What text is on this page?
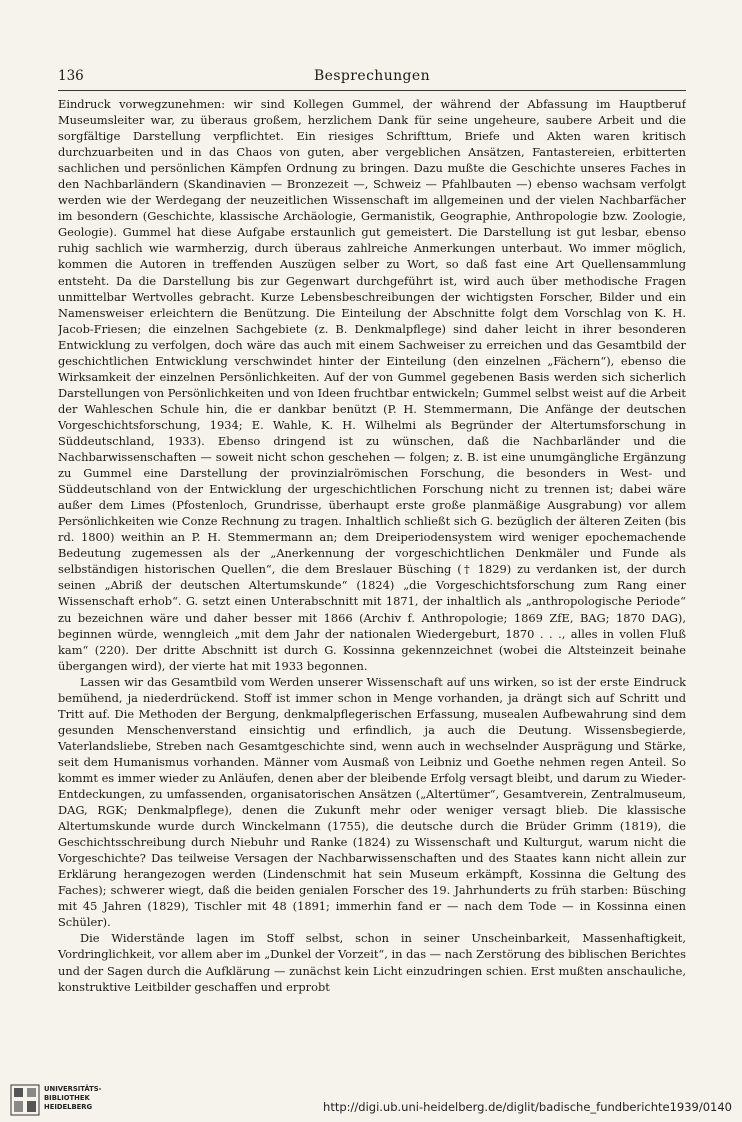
136	Besprechungen

Eindruck vorwegzunehmen: wir sind Kollegen Gummel, der während der Abfassung im Hauptberuf Museumsleiter war, zu überaus großem, herzlichem Dank für seine ungeheure, saubere Arbeit und die sorgfältige Darstellung verpflichtet. Ein riesiges Schrifttum, Briefe und Akten waren kritisch durchzuarbeiten und in das Chaos von guten, aber vergeblichen Ansätzen, Fantastereien, erbitterten sachlichen und persönlichen Kämpfen Ordnung zu bringen. Dazu mußte die Geschichte unseres Faches in den Nachbarländern (Skandinavien — Bronzezeit —, Schweiz — Pfahlbauten —) ebenso wachsam verfolgt werden wie der Werdegang der neuzeitlichen Wissenschaft im allgemeinen und der vielen Nachbarfächer im besondern (Geschichte, klassische Archäologie, Germanistik, Geographie, Anthropologie bzw. Zoologie, Geologie). Gummel hat diese Aufgabe erstaunlich gut gemeistert. Die Darstellung ist gut lesbar, ebenso ruhig sachlich wie warmherzig, durch überaus zahlreiche Anmerkungen unterbaut. Wo immer möglich, kommen die Autoren in treffenden Auszügen selber zu Wort, so daß fast eine Art Quellensammlung entsteht. Da die Darstellung bis zur Gegenwart durchgeführt ist, wird auch über methodische Fragen unmittelbar Wertvolles gebracht. Kurze Lebensbeschreibungen der wichtigsten Forscher, Bilder und ein Namensweiser erleichtern die Benützung. Die Einteilung der Abschnitte folgt dem Vorschlag von K. H. Jacob-Friesen; die einzelnen Sachgebiete (z. B. Denkmalpflege) sind daher leicht in ihrer besonderen Entwicklung zu verfolgen, doch wäre das auch mit einem Sachweiser zu erreichen und das Gesamtbild der geschichtlichen Entwicklung verschwindet hinter der Einteilung (den einzelnen „Fächern“), ebenso die Wirksamkeit der einzelnen Persönlichkeiten. Auf der von Gummel gegebenen Basis werden sich sicherlich Darstellungen von Persönlichkeiten und von Ideen fruchtbar entwickeln; Gummel selbst weist auf die Arbeit der Wahleschen Schule hin, die er dankbar benützt (P. H. Stemmermann, Die Anfänge der deutschen Vorgeschichtsforschung, 1934; E. Wahle, K. H. Wilhelmi als Begründer der Altertumsforschung in Süddeutschland, 1933). Ebenso dringend ist zu wünschen, daß die Nachbarländer und die Nachbarwissenschaften — soweit nicht schon geschehen — folgen; z. B. ist eine unumgängliche Ergänzung zu Gummel eine Darstellung der provinzialrömischen Forschung, die besonders in West- und Süddeutschland von der Entwicklung der urgeschichtlichen Forschung nicht zu trennen ist; dabei wäre außer dem Limes (Pfostenloch, Grundrisse, überhaupt erste große planmäßige Ausgrabung) vor allem Persönlichkeiten wie Conze Rechnung zu tragen. Inhaltlich schließt sich G. bezüglich der älteren Zeiten (bis rd. 1800) weithin an P. H. Stemmermann an; dem Dreiperiodensystem wird weniger epochemachende Bedeutung zugemessen als der „Anerkennung der vorgeschichtlichen Denkmäler und Funde als selbständigen historischen Quellen“, die dem Breslauer Büsching († 1829) zu verdanken ist, der durch seinen „Abriß der deutschen Altertumskunde“ (1824) „die Vorgeschichtsforschung zum Rang einer Wissenschaft erhob“. G. setzt einen Unterabschnitt mit 1871, der inhaltlich als „anthropologische Periode“ zu bezeichnen wäre und daher besser mit 1866 (Archiv f. Anthropologie; 1869 ZfE, BAG; 1870 DAG), beginnen würde, wenngleich „mit dem Jahr der nationalen Wiedergeburt, 1870 . . ., alles in vollen Fluß kam“ (220). Der dritte Abschnitt ist durch G. Kossinna gekennzeichnet (wobei die Altsteinzeit beinahe übergangen wird), der vierte hat mit 1933 begonnen.

Lassen wir das Gesamtbild vom Werden unserer Wissenschaft auf uns wirken, so ist der erste Eindruck bemühend, ja niederdrückend. Stoff ist immer schon in Menge vorhanden, ja drängt sich auf Schritt und Tritt auf. Die Methoden der Bergung, denkmalpflegerischen Erfassung, musealen Aufbewahrung sind dem gesunden Menschenverstand einsichtig und erfindlich, ja auch die Deutung. Wissensbegierde, Vaterlandsliebe, Streben nach Gesamtgeschichte sind, wenn auch in wechselnder Ausprägung und Stärke, seit dem Humanismus vorhanden. Männer vom Ausmaß von Leibniz und Goethe nehmen regen Anteil. So kommt es immer wieder zu Anläufen, denen aber der bleibende Erfolg versagt bleibt, und darum zu Wieder-Entdeckungen, zu umfassenden, organisatorischen Ansätzen („Altertümer“, Gesamtverein, Zentralmuseum, DAG, RGK; Denkmalpflege), denen die Zukunft mehr oder weniger versagt blieb. Die klassische Altertumskunde wurde durch Winckelmann (1755), die deutsche durch die Brüder Grimm (1819), die Geschichtsschreibung durch Niebuhr und Ranke (1824) zu Wissenschaft und Kulturgut, warum nicht die Vorgeschichte? Das teilweise Versagen der Nachbarwissenschaften und des Staates kann nicht allein zur Erklärung herangezogen werden (Lindenschmit hat sein Museum erkämpft, Kossinna die Geltung des Faches); schwerer wiegt, daß die beiden genialen Forscher des 19. Jahrhunderts zu früh starben: Büsching mit 45 Jahren (1829), Tischler mit 48 (1891; immerhin fand er — nach dem Tode — in Kossinna einen Schüler).

Die Widerstände lagen im Stoff selbst, schon in seiner Unscheinbarkeit, Massenhaftigkeit, Vordringlichkeit, vor allem aber im „Dunkel der Vorzeit“, in das — nach Zerstörung des biblischen Berichtes und der Sagen durch die Aufklärung — zunächst kein Licht einzudringen schien. Erst mußten anschauliche, konstruktive Leitbilder geschaffen und erprobt

UNIVERSITÄTS-
BIBLIOTHEK
HEIDELBERG	http://digi.ub.uni-heidelberg.de/diglit/badische_fundberichte1939/0140
